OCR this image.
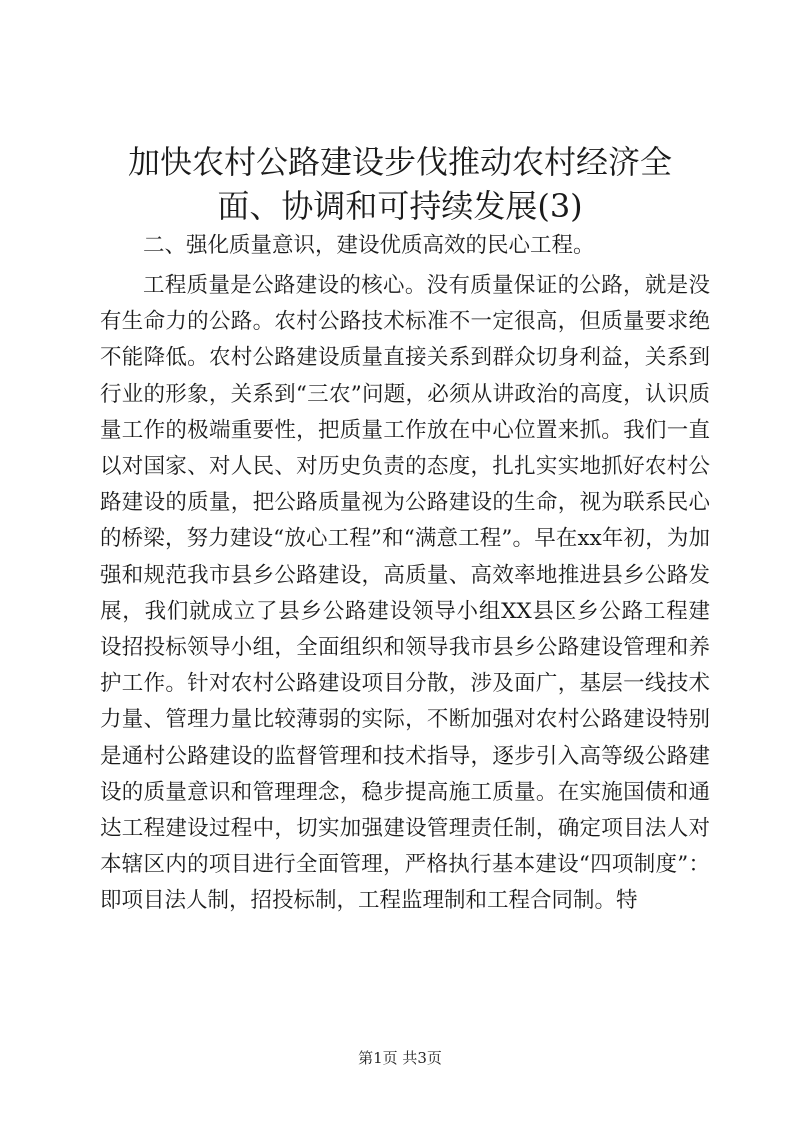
加快农村公路建设步伐推动农村经济全面、协调和可持续发展(3)

二、强化质量意识，建设优质高效的民心工程。

工程质量是公路建设的核心。没有质量保证的公路，就是没有生命力的公路。农村公路技术标准不一定很高，但质量要求绝不能降低。农村公路建设质量直接关系到群众切身利益，关系到行业的形象，关系到“三农”问题，必须从讲政治的高度，认识质量工作的极端重要性，把质量工作放在中心位置来抓。我们一直以对国家、对人民、对历史负责的态度，扎扎实实地抓好农村公路建设的质量，把公路质量视为公路建设的生命，视为联系民心的桥梁，努力建设“放心工程”和“满意工程”。早在xx年初，为加强和规范我市县乡公路建设，高质量、高效率地推进县乡公路发展，我们就成立了县乡公路建设领导小组XX县区乡公路工程建设招投标领导小组，全面组织和领导我市县乡公路建设管理和养护工作。针对农村公路建设项目分散，涉及面广，基层一线技术力量、管理力量比较薄弱的实际，不断加强对农村公路建设特别是通村公路建设的监督管理和技术指导，逐步引入高等级公路建设的质量意识和管理理念，稳步提高施工质量。在实施国债和通达工程建设过程中，切实加强建设管理责任制，确定项目法人对本辖区内的项目进行全面管理，严格执行基本建设“四项制度”：即项目法人制，招投标制，工程监理制和工程合同制。特

第1页 共3页
